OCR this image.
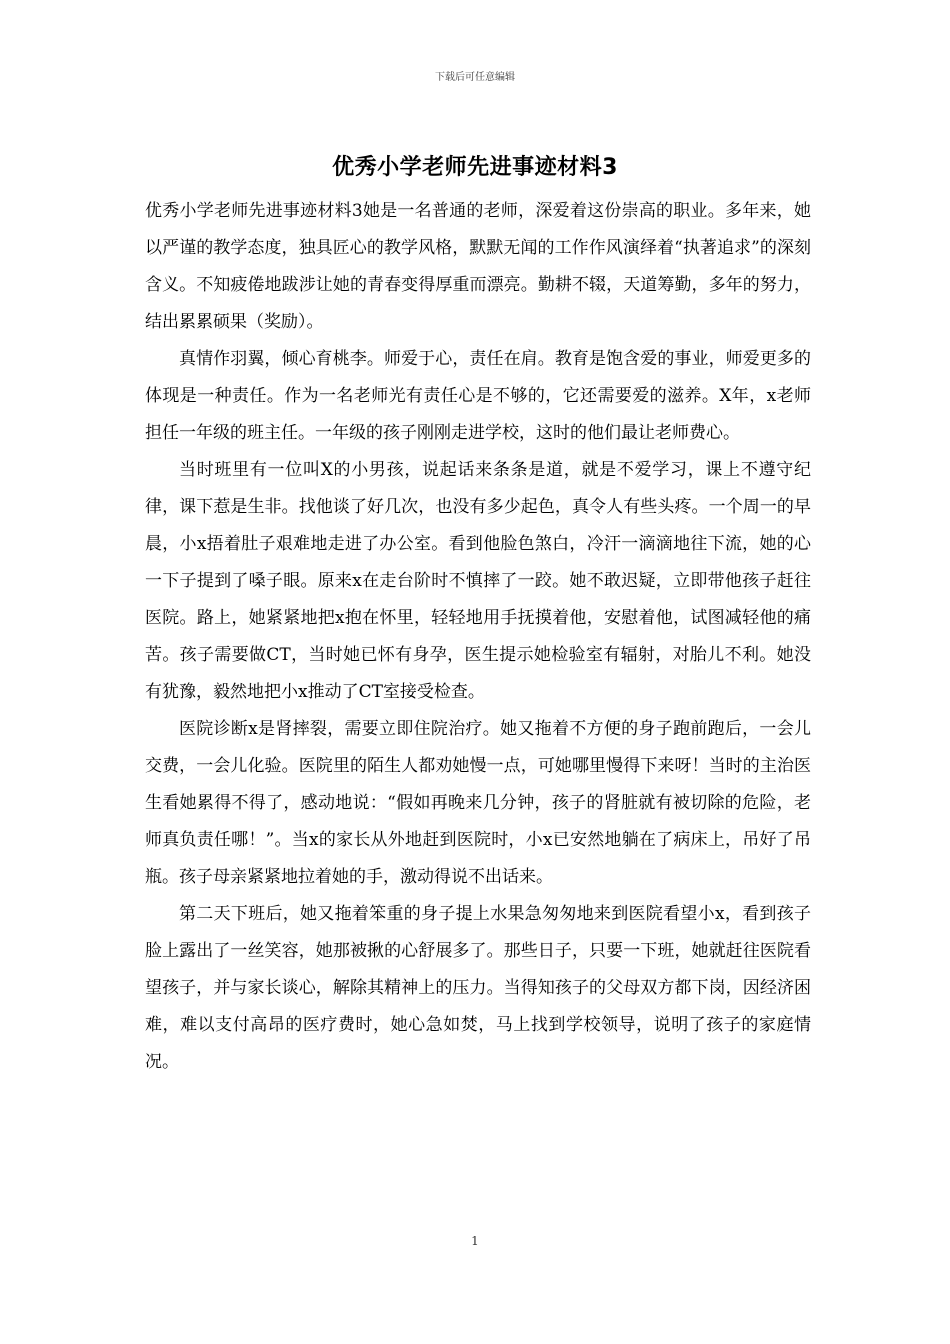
下载后可任意编辑
优秀小学老师先进事迹材料3

优秀小学老师先进事迹材料3她是一名普通的老师，深爱着这份崇高的职业。多年来，她以严谨的教学态度，独具匠心的教学风格，默默无闻的工作作风演绎着“执著追求”的深刻含义。不知疲倦地跋涉让她的青春变得厚重而漂亮。勤耕不辍，天道筹勤，多年的努力，结出累累硕果（奖励）。

真情作羽翼，倾心育桃李。师爱于心，责任在肩。教育是饱含爱的事业，师爱更多的体现是一种责任。作为一名老师光有责任心是不够的，它还需要爱的滋养。X年，x老师担任一年级的班主任。一年级的孩子刚刚走进学校，这时的他们最让老师费心。

当时班里有一位叫X的小男孩，说起话来条条是道，就是不爱学习，课上不遵守纪律，课下惹是生非。找他谈了好几次，也没有多少起色，真令人有些头疼。一个周一的早晨，小x捂着肚子艰难地走进了办公室。看到他脸色煞白，冷汗一滴滴地往下流，她的心一下子提到了嗓子眼。原来x在走台阶时不慎摔了一跤。她不敢迟疑，立即带他孩子赶往医院。路上，她紧紧地把x抱在怀里，轻轻地用手抚摸着他，安慰着他，试图减轻他的痛苦。孩子需要做CT，当时她已怀有身孕，医生提示她检验室有辐射，对胎儿不利。她没有犹豫，毅然地把小x推动了CT室接受检查。

医院诊断x是肾摔裂，需要立即住院治疗。她又拖着不方便的身子跑前跑后，一会儿交费，一会儿化验。医院里的陌生人都劝她慢一点，可她哪里慢得下来呀！当时的主治医生看她累得不得了，感动地说：“假如再晚来几分钟，孩子的肾脏就有被切除的危险，老师真负责任哪！”。当x的家长从外地赶到医院时，小x已安然地躺在了病床上，吊好了吊瓶。孩子母亲紧紧地拉着她的手，激动得说不出话来。

第二天下班后，她又拖着笨重的身子提上水果急匆匆地来到医院看望小x，看到孩子脸上露出了一丝笑容，她那被揪的心舒展多了。那些日子，只要一下班，她就赶往医院看望孩子，并与家长谈心，解除其精神上的压力。当得知孩子的父母双方都下岗，因经济困难，难以支付高昂的医疗费时，她心急如焚，马上找到学校领导，说明了孩子的家庭情况。

1
